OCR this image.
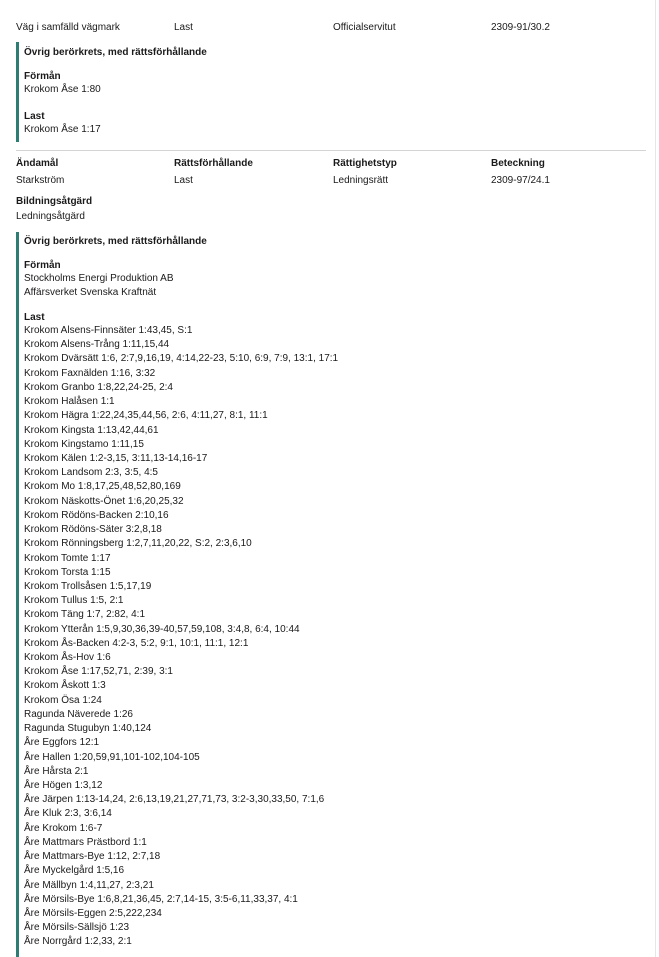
Väg i samfälld vägmark	Last	Officialservitut	2309-91/30.2
Övrig berörkrets, med rättsförhållande
Förmån
Krokom Åse 1:80
Last
Krokom Åse 1:17
Ändamål	Rättsförhållande	Rättighetstyp	Beteckning
Starkström	Last	Ledningsrätt	2309-97/24.1
Bildningsåtgärd
Ledningsåtgärd
Övrig berörkrets, med rättsförhållande
Förmån
Stockholms Energi Produktion AB
Affärsverket Svenska Kraftnät
Last
Krokom Alsens-Finnsäter 1:43,45, S:1
Krokom Alsens-Trång 1:11,15,44
Krokom Dvärsätt 1:6, 2:7,9,16,19, 4:14,22-23, 5:10, 6:9, 7:9, 13:1, 17:1
Krokom Faxnälden 1:16, 3:32
Krokom Granbo 1:8,22,24-25, 2:4
Krokom Halåsen 1:1
Krokom Hägra 1:22,24,35,44,56, 2:6, 4:11,27, 8:1, 11:1
Krokom Kingsta 1:13,42,44,61
Krokom Kingstamo 1:11,15
Krokom Kälen 1:2-3,15, 3:11,13-14,16-17
Krokom Landsom 2:3, 3:5, 4:5
Krokom Mo 1:8,17,25,48,52,80,169
Krokom Näskotts-Önet 1:6,20,25,32
Krokom Rödöns-Backen 2:10,16
Krokom Rödöns-Säter 3:2,8,18
Krokom Rönningsberg 1:2,7,11,20,22, S:2, 2:3,6,10
Krokom Tomte 1:17
Krokom Torsta 1:15
Krokom Trollsåsen 1:5,17,19
Krokom Tullus 1:5, 2:1
Krokom Täng 1:7, 2:82, 4:1
Krokom Ytterån 1:5,9,30,36,39-40,57,59,108, 3:4,8, 6:4, 10:44
Krokom Ås-Backen 4:2-3, 5:2, 9:1, 10:1, 11:1, 12:1
Krokom Ås-Hov 1:6
Krokom Åse 1:17,52,71, 2:39, 3:1
Krokom Åskott 1:3
Krokom Ösa 1:24
Ragunda Näverede 1:26
Ragunda Stugubyn 1:40,124
Åre Eggfors 12:1
Åre Hallen 1:20,59,91,101-102,104-105
Åre Hårsta 2:1
Åre Högen 1:3,12
Åre Järpen 1:13-14,24, 2:6,13,19,21,27,71,73, 3:2-3,30,33,50, 7:1,6
Åre Kluk 2:3, 3:6,14
Åre Krokom 1:6-7
Åre Mattmars Prästbord 1:1
Åre Mattmars-Bye 1:12, 2:7,18
Åre Myckelgård 1:5,16
Åre Mällbyn 1:4,11,27, 2:3,21
Åre Mörsils-Bye 1:6,8,21,36,45, 2:7,14-15, 3:5-6,11,33,37, 4:1
Åre Mörsils-Eggen 2:5,222,234
Åre Mörsils-Sällsjö 1:23
Åre Norrgård 1:2,33, 2:1
